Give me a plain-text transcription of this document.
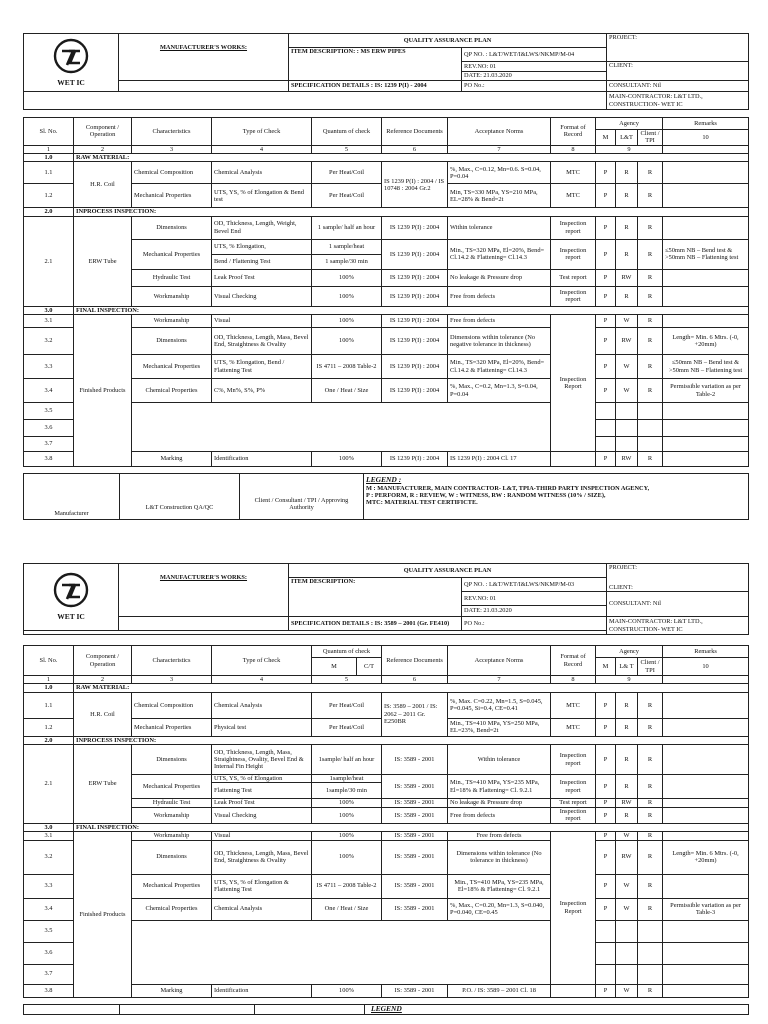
WET IC	MANUFACTURER'S WORKS:	QUALITY ASSURANCE PLAN		PROJECT:
		ITEM DESCRIPTION: : MS ERW PIPES	QP NO. : L&T/WET/I&LWS/NKMP/M-04	
			REV.NO: 01	CLIENT:
			DATE: 21.03.2020	
		SPECIFICATION DETAILS : IS: 1239 P(I) - 2004	PO No.:	CONSULTANT: Nil
				MAIN-CONTRACTOR: L&T LTD., CONSTRUCTION- WET IC
Sl. No.	Component / Operation	Characteristics	Type of Check	Quantum of check	Reference Documents	Acceptance Norms	Format of Record	Agency			Remarks
								M	L&T	Client / TPI	10
1	2	3	4	5	6	7	8	9			
1.0	RAW MATERIAL:										
1.1	H.R. Coil	Chemical Composition	Chemical Analysis	Per Heat/Coil	IS 1239 P(I) : 2004 / IS 10748 : 2004 Gr.2	%, Max., C=0.12, Mn=0.6. S=0.04, P=0.04	MTC	P	R	R	
1.2		Mechanical Properties	UTS, YS, % of Elongation & Bend test	Per Heat/Coil		Min, TS=330 MPa, YS=210 MPa, EL=28% & Bend=2t	MTC	P	R	R	
2.0	INPROCESS INSPECTION:										
2.1	ERW Tube	Dimensions	OD, Thickness, Length, Weight, Bevel End	1 sample/ half an hour	IS 1239 P(I) : 2004	Within tolerance	Inspection report	P	R	R	
		Mechanical Properties	UTS, % Elongation,	1 sample/heat	IS 1239 P(I) : 2004	Min., TS=320 MPa, El=20%, Bend= Cl.14.2 & Flattening= Cl.14.3	Inspection report	P	R	R	≤50mm NB – Bend test & >50mm NB – Flattening test
			Bend / Flattening Test	1 sample/30 min							
		Hydraulic Test	Leak Proof Test	100%	IS 1239 P(I) : 2004	No leakage & Pressure drop	Test report	P	RW	R	
		Workmanship	Visual Checking	100%	IS 1239 P(I) : 2004	Free from defects	Inspection report	P	R	R	
3.0	FINAL INSPECTION:										
3.1	Finished Products	Workmanship	Visual	100%	IS 1239 P(I) : 2004	Free from defects	Inspection Report	P	W	R	
3.2		Dimensions	OD, Thickness, Length, Mass, Bevel End, Straightness & Ovality	100%	IS 1239 P(I) : 2004	Dimensions within tolerance (No negative tolerance in thickness)		P	RW	R	Length= Min. 6 Mtrs. (-0, +20mm)
3.3		Mechanical Properties	UTS, % Elongation, Bend / Flattening Test	IS 4711 – 2008 Table-2	IS 1239 P(I) : 2004	Min., TS=320 MPa, El=20%, Bend= Cl.14.2 & Flattening= Cl.14.3		P	W	R	≤50mm NB – Bend test & >50mm NB – Flattening test
3.4		Chemical Properties	C%, Mn%, S%, P%	One / Heat / Size	IS 1239 P(I) : 2004	%, Max., C=0.2, Mn=1.3, S=0.04, P=0.04		P	W	R	Permissible variation as per Table-2
3.5											
3.6											
3.7											
3.8		Marking	Identification	100%	IS 1239 P(I) : 2004	IS 1239 P(I) : 2004 Cl. 17		P	RW	R	
Manufacturer	L&T Construction QA/QC	Client / Consultant / TPI / Approving Authority	
LEGEND :
M : MANUFACTURER, MAIN CONTRACTOR- L&T, TPIA-THIRD PARTY INSPECTION AGENCY,
P : PERFORM, R : REVIEW, W : WITNESS, RW : RANDOM WITNESS (10% / SIZE),
MTC: MATERIAL TEST CERTIFICTE.
WET IC	MANUFACTURER'S WORKS:	QUALITY ASSURANCE PLAN		PROJECT:
		ITEM DESCRIPTION:	QP NO. : L&T/WET/I&LWS/NKMP/M-03	
			REV.NO: 01	CONSULTANT: Nil
			DATE: 21.03.2020	
		SPECIFICATION DETAILS : IS: 3589 – 2001 (Gr. FE410)	PO No.:	MAIN-CONTRACTOR: L&T LTD., CONSTRUCTION- WET IC

CLIENT:
Sl. No.	Component / Operation	Characteristics	Type of Check	Quantum of check		Reference Documents	Acceptance Norms	Format of Record	Agency			Remarks
				M	C/T				M	L& T	Client / TPI	10
1	2	3	4	5		6	7	8	9			
1.0	RAW MATERIAL:											
1.1	H.R. Coil	Chemical Composition	Chemical Analysis	Per Heat/Coil		IS: 3589 – 2001 / IS: 2062 – 2011 Gr. E250BR	%, Max. C=0.22, Mn=1.5, S=0.045, P=0.045, Si=0.4, CE=0.41	MTC	P	R	R	
1.2		Mechanical Properties	Physical test	Per Heat/Coil			Min., TS=410 MPa, YS=250 MPa, EL=23%, Bend=2t	MTC	P	R	R	
2.0	INPROCESS INSPECTION:											
2.1	ERW Tube	Dimensions	OD, Thickness, Length, Mass, Straightness, Ovality, Bevel End & Internal Fin Height	1sample/ half an hour		IS: 3589 - 2001	Within tolerance	Inspection report	P	R	R	
		Mechanical Properties	UTS, YS, % of Elongation	1sample/heat		IS: 3589 - 2001	Min., TS=410 MPa, YS=235 MPa, El=18% & Flattening= Cl. 9.2.1	Inspection report	P	R	R	
			Flattening Test	1sample/30 min								
		Hydraulic Test	Leak Proof Test	100%		IS: 3589 - 2001	No leakage & Pressure drop	Test report	P	RW	R	
		Workmanship	Visual Checking	100%		IS: 3589 - 2001	Free from defects	Inspection report	P	R	R	
3.0	FINAL INSPECTION:											
3.1	Finished Products	Workmanship	Visual	100%		IS: 3589 - 2001	Free from defects	Inspection Report	P	W	R	
3.2		Dimensions	OD, Thickness, Length, Mass, Bevel End, Straightness & Ovality	100%		IS: 3589 - 2001	Dimensions within tolerance (No tolerance in thickness)		P	RW	R	Length= Min. 6 Mtrs. (-0, +20mm)
3.3		Mechanical Properties	UTS, YS, % of Elongation & Flattening Test	IS 4711 – 2008 Table-2		IS: 3589 - 2001	Min., TS=410 MPa, YS=235 MPa, El=18% & Flattening= Cl. 9.2.1		P	W	R	
3.4		Chemical Properties	Chemical Analysis	One / Heat / Size		IS: 3589 - 2001	%, Max., C=0.20, Mn=1.3, S=0.040, P=0.040, CE=0.45		P	W	R	Permissible variation as per Table-3
3.5												
3.6												
3.7												
3.8		Marking	Identification	100%		IS: 3589 - 2001	P.O. / IS: 3589 – 2001 Cl. 18		P	W	R	
			LEGEND
